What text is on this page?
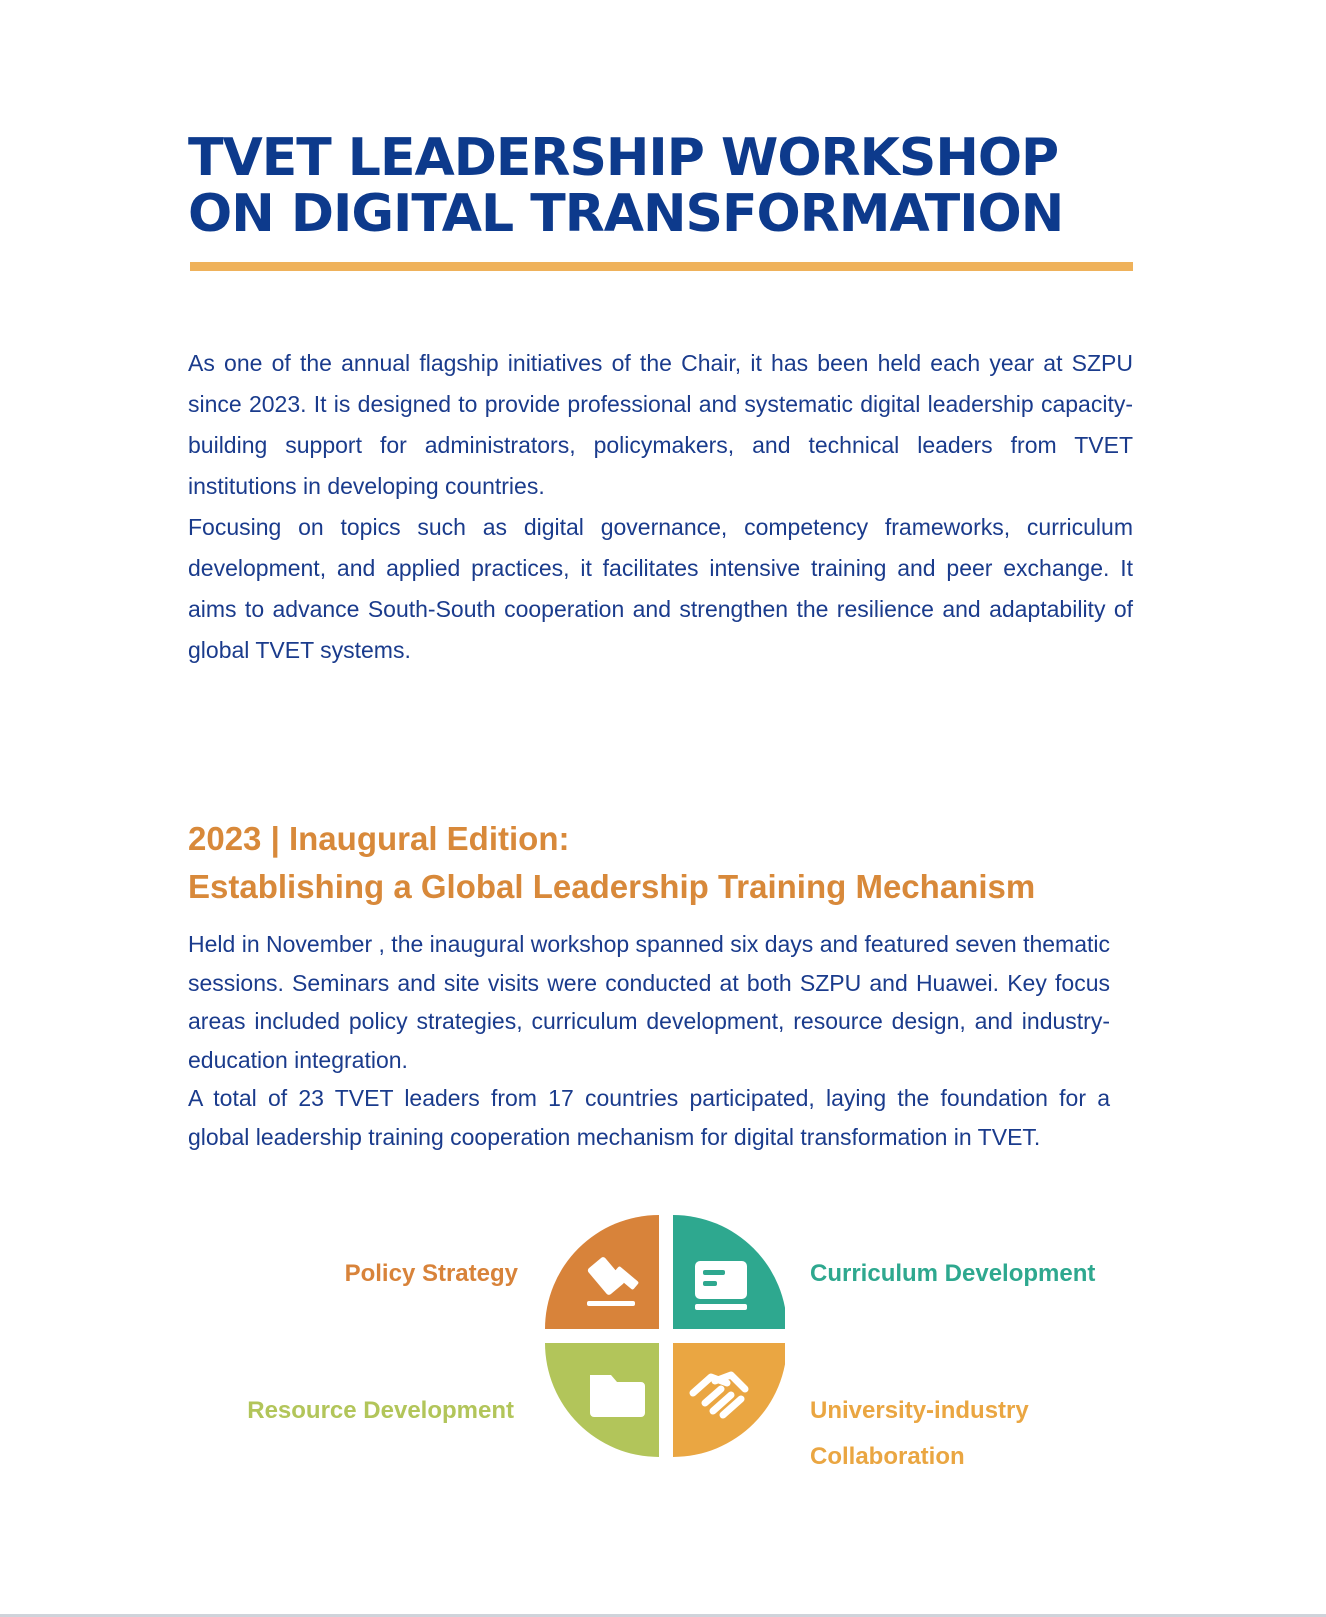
TVET LEADERSHIP WORKSHOP
ON DIGITAL TRANSFORMATION

As one of the annual flagship initiatives of the Chair, it has been held each year at SZPU since 2023. It is designed to provide professional and systematic digital leadership capacity-building support for administrators, policymakers, and technical leaders from TVET institutions in developing countries.

Focusing on topics such as digital governance, competency frameworks, curriculum development, and applied practices, it facilitates intensive training and peer exchange. It aims to advance South-South cooperation and strengthen the resilience and adaptability of global TVET systems.

2023 | Inaugural Edition:
Establishing a Global Leadership Training Mechanism

Held in November , the inaugural workshop spanned six days and featured seven thematic sessions. Seminars and site visits were conducted at both SZPU and Huawei. Key focus areas included policy strategies, curriculum development, resource design, and industry-education integration.

A total of 23 TVET leaders from 17 countries participated, laying the foundation for a global leadership training cooperation mechanism for digital transformation in TVET.

Policy Strategy	Curriculum Development

Resource Development	University-industry
Collaboration
